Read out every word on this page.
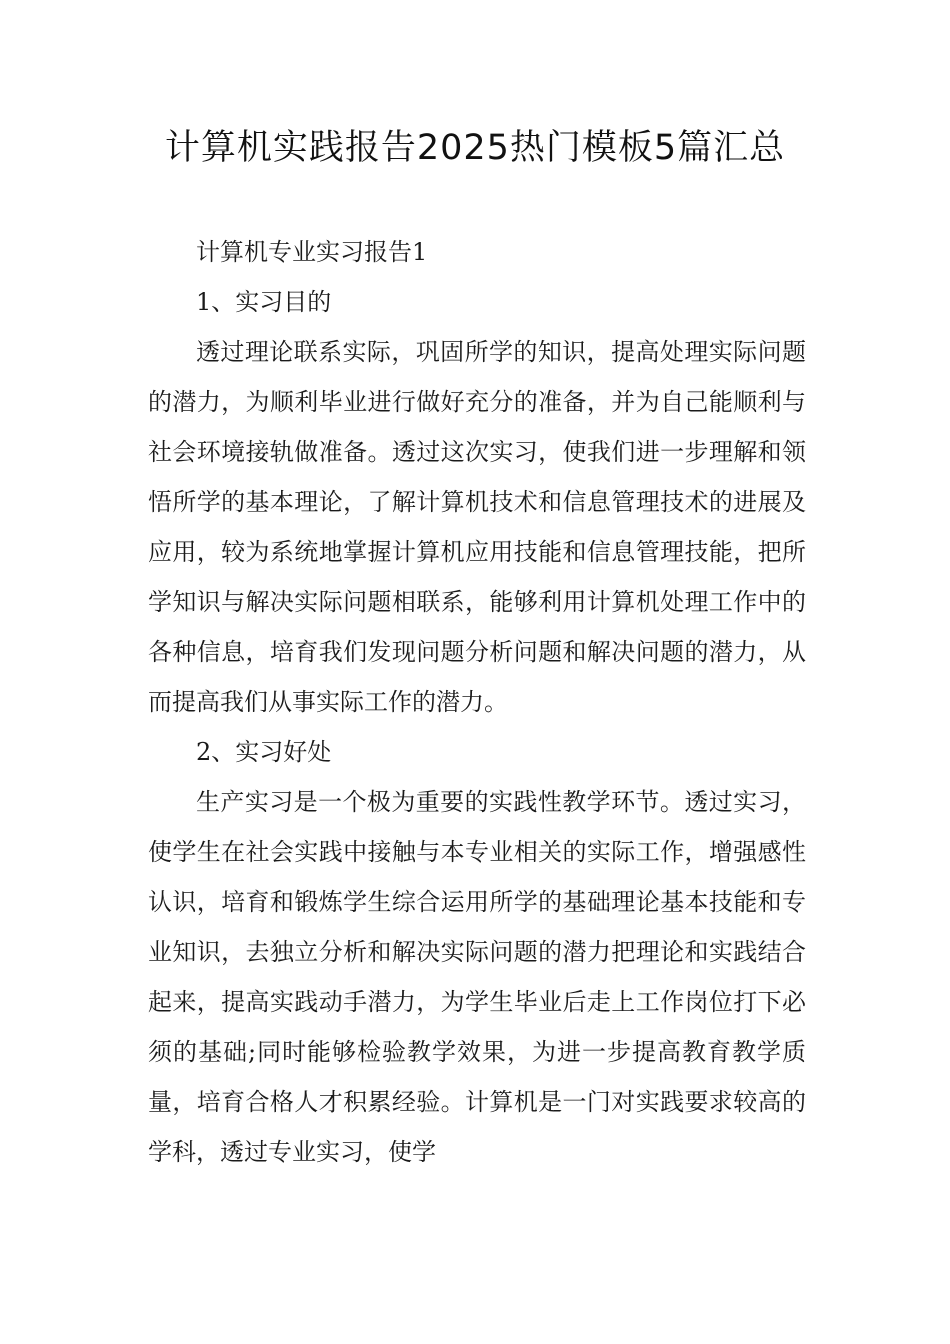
计算机实践报告2025热门模板5篇汇总

计算机专业实习报告1

1、实习目的

透过理论联系实际，巩固所学的知识，提高处理实际问题的潜力，为顺利毕业进行做好充分的准备，并为自己能顺利与社会环境接轨做准备。透过这次实习，使我们进一步理解和领悟所学的基本理论，了解计算机技术和信息管理技术的进展及应用，较为系统地掌握计算机应用技能和信息管理技能，把所学知识与解决实际问题相联系，能够利用计算机处理工作中的各种信息，培育我们发现问题分析问题和解决问题的潜力，从而提高我们从事实际工作的潜力。

2、实习好处

生产实习是一个极为重要的实践性教学环节。透过实习，使学生在社会实践中接触与本专业相关的实际工作，增强感性认识，培育和锻炼学生综合运用所学的基础理论基本技能和专业知识，去独立分析和解决实际问题的潜力把理论和实践结合起来，提高实践动手潜力，为学生毕业后走上工作岗位打下必须的基础;同时能够检验教学效果，为进一步提高教育教学质量，培育合格人才积累经验。计算机是一门对实践要求较高的学科，透过专业实习，使学
